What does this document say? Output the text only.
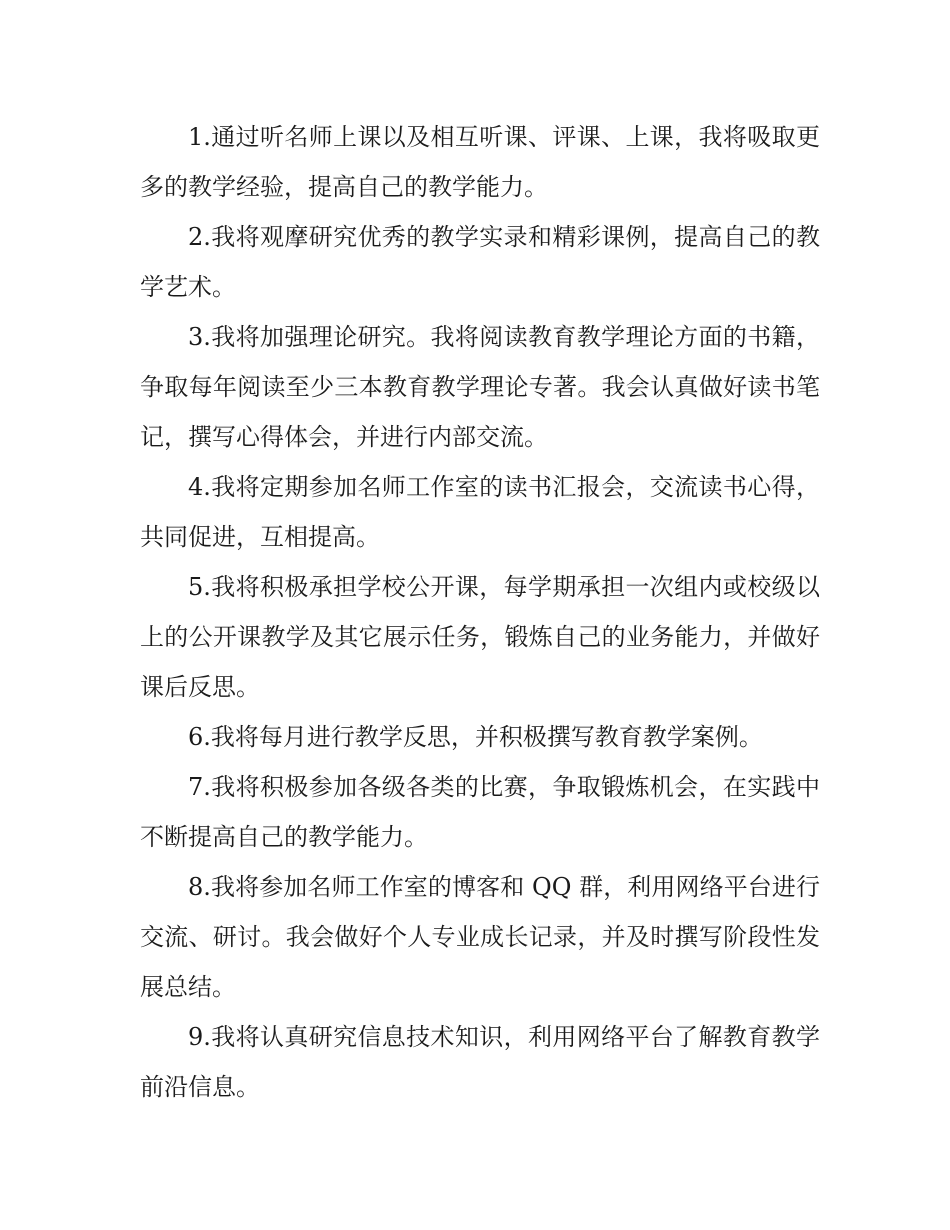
1.通过听名师上课以及相互听课、评课、上课，我将吸取更多的教学经验，提高自己的教学能力。

2.我将观摩研究优秀的教学实录和精彩课例，提高自己的教学艺术。

3.我将加强理论研究。我将阅读教育教学理论方面的书籍，争取每年阅读至少三本教育教学理论专著。我会认真做好读书笔记，撰写心得体会，并进行内部交流。

4.我将定期参加名师工作室的读书汇报会，交流读书心得，共同促进，互相提高。

5.我将积极承担学校公开课，每学期承担一次组内或校级以上的公开课教学及其它展示任务，锻炼自己的业务能力，并做好课后反思。

6.我将每月进行教学反思，并积极撰写教育教学案例。

7.我将积极参加各级各类的比赛，争取锻炼机会，在实践中不断提高自己的教学能力。

8.我将参加名师工作室的博客和 QQ 群，利用网络平台进行交流、研讨。我会做好个人专业成长记录，并及时撰写阶段性发展总结。

9.我将认真研究信息技术知识，利用网络平台了解教育教学前沿信息。
